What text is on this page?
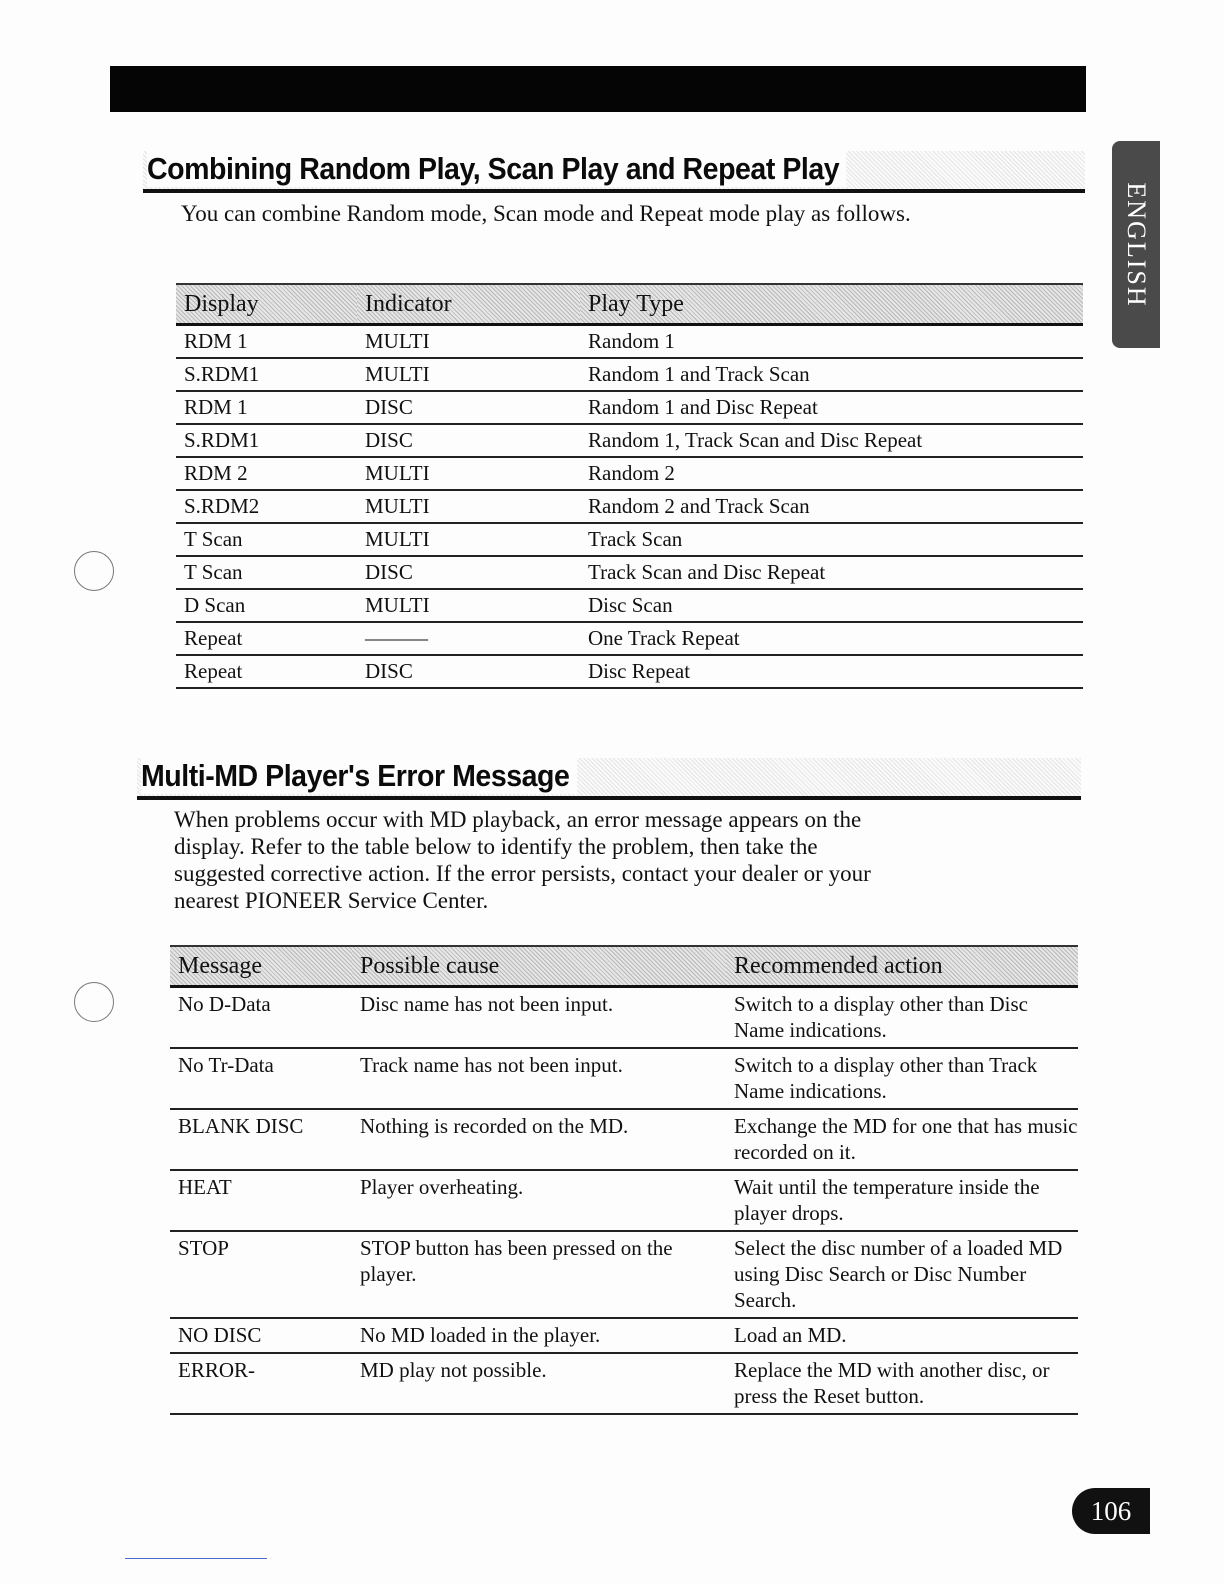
ENGLISH
Combining Random Play, Scan Play and Repeat Play

You can combine Random mode, Scan mode and Repeat mode play as follows.

Display	Indicator	Play Type
RDM 1	MULTI	Random 1
S.RDM1	MULTI	Random 1 and Track Scan
RDM 1	DISC	Random 1 and Disc Repeat
S.RDM1	DISC	Random 1, Track Scan and Disc Repeat
RDM 2	MULTI	Random 2
S.RDM2	MULTI	Random 2 and Track Scan
T Scan	MULTI	Track Scan
T Scan	DISC	Track Scan and Disc Repeat
D Scan	MULTI	Disc Scan
Repeat	———	One Track Repeat
Repeat	DISC	Disc Repeat
Multi-MD Player's Error Message

When problems occur with MD playback, an error message appears on the display. Refer to the table below to identify the problem, then take the suggested corrective action. If the error persists, contact your dealer or your nearest PIONEER Service Center.

Message	Possible cause	Recommended action
No D-Data	Disc name has not been input.	Switch to a display other than Disc Name indications.
No Tr-Data	Track name has not been input.	Switch to a display other than Track Name indications.
BLANK DISC	Nothing is recorded on the MD.	Exchange the MD for one that has music recorded on it.
HEAT	Player overheating.	Wait until the temperature inside the player drops.
STOP	STOP button has been pressed on the player.	Select the disc number of a loaded MD using Disc Search or Disc Number Search.
NO DISC	No MD loaded in the player.	Load an MD.
ERROR-	MD play not possible.	Replace the MD with another disc, or press the Reset button.
106
